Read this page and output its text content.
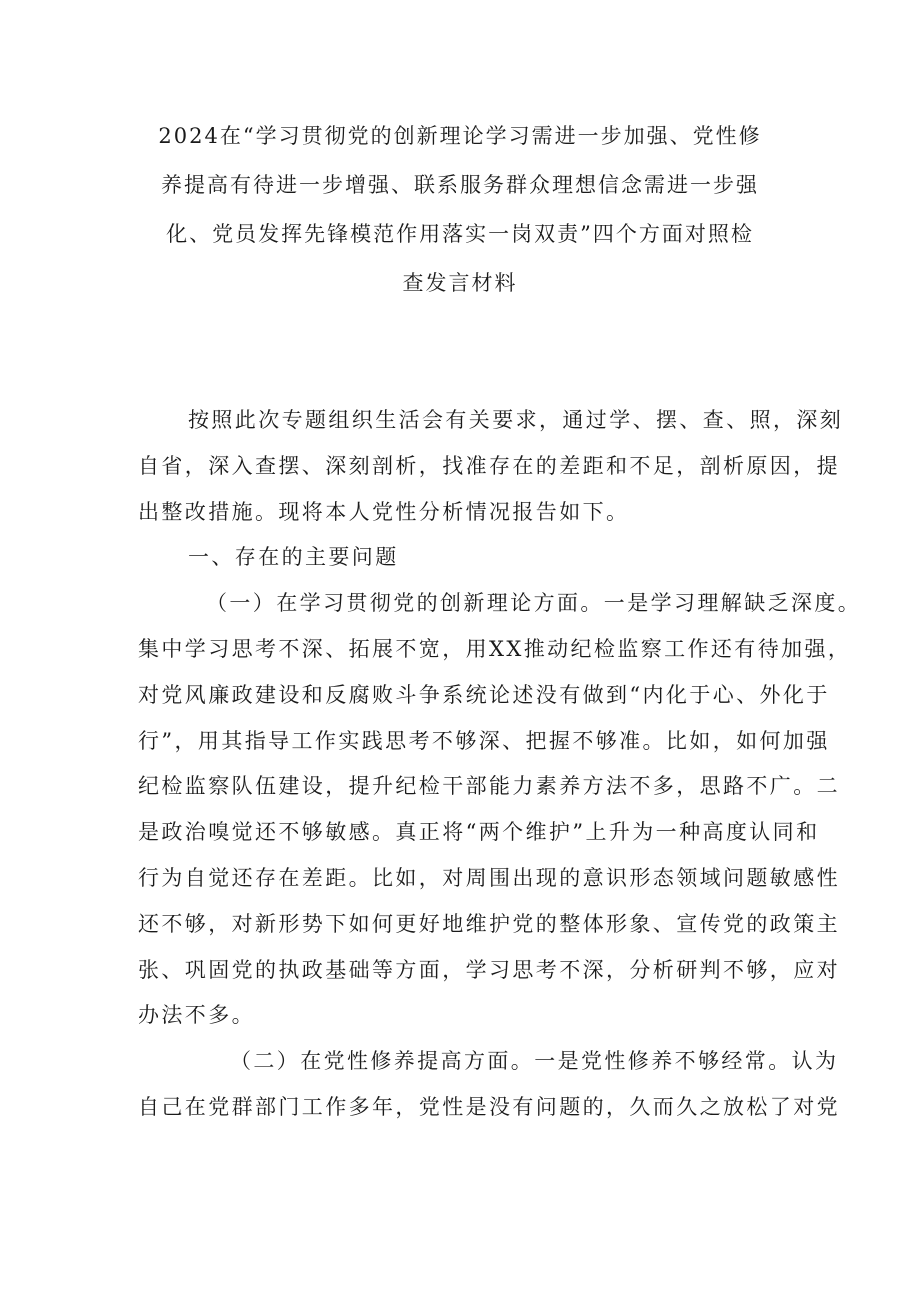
2024在“学习贯彻党的创新理论学习需进一步加强、党性修
养提高有待进一步增强、联系服务群众理想信念需进一步强
化、党员发挥先锋模范作用落实一岗双责”四个方面对照检
查发言材料
按照此次专题组织生活会有关要求，通过学、摆、查、照，深刻
自省，深入查摆、深刻剖析，找准存在的差距和不足，剖析原因，提
出整改措施。现将本人党性分析情况报告如下。
一、存在的主要问题
（一）在学习贯彻党的创新理论方面。一是学习理解缺乏深度。
集中学习思考不深、拓展不宽，用XX推动纪检监察工作还有待加强，
对党风廉政建设和反腐败斗争系统论述没有做到“内化于心、外化于
行”，用其指导工作实践思考不够深、把握不够准。比如，如何加强
纪检监察队伍建设，提升纪检干部能力素养方法不多，思路不广。二
是政治嗅觉还不够敏感。真正将“两个维护”上升为一种高度认同和
行为自觉还存在差距。比如，对周围出现的意识形态领域问题敏感性
还不够，对新形势下如何更好地维护党的整体形象、宣传党的政策主
张、巩固党的执政基础等方面，学习思考不深，分析研判不够，应对
办法不多。
（二）在党性修养提高方面。一是党性修养不够经常。认为
自己在党群部门工作多年，党性是没有问题的，久而久之放松了对党
